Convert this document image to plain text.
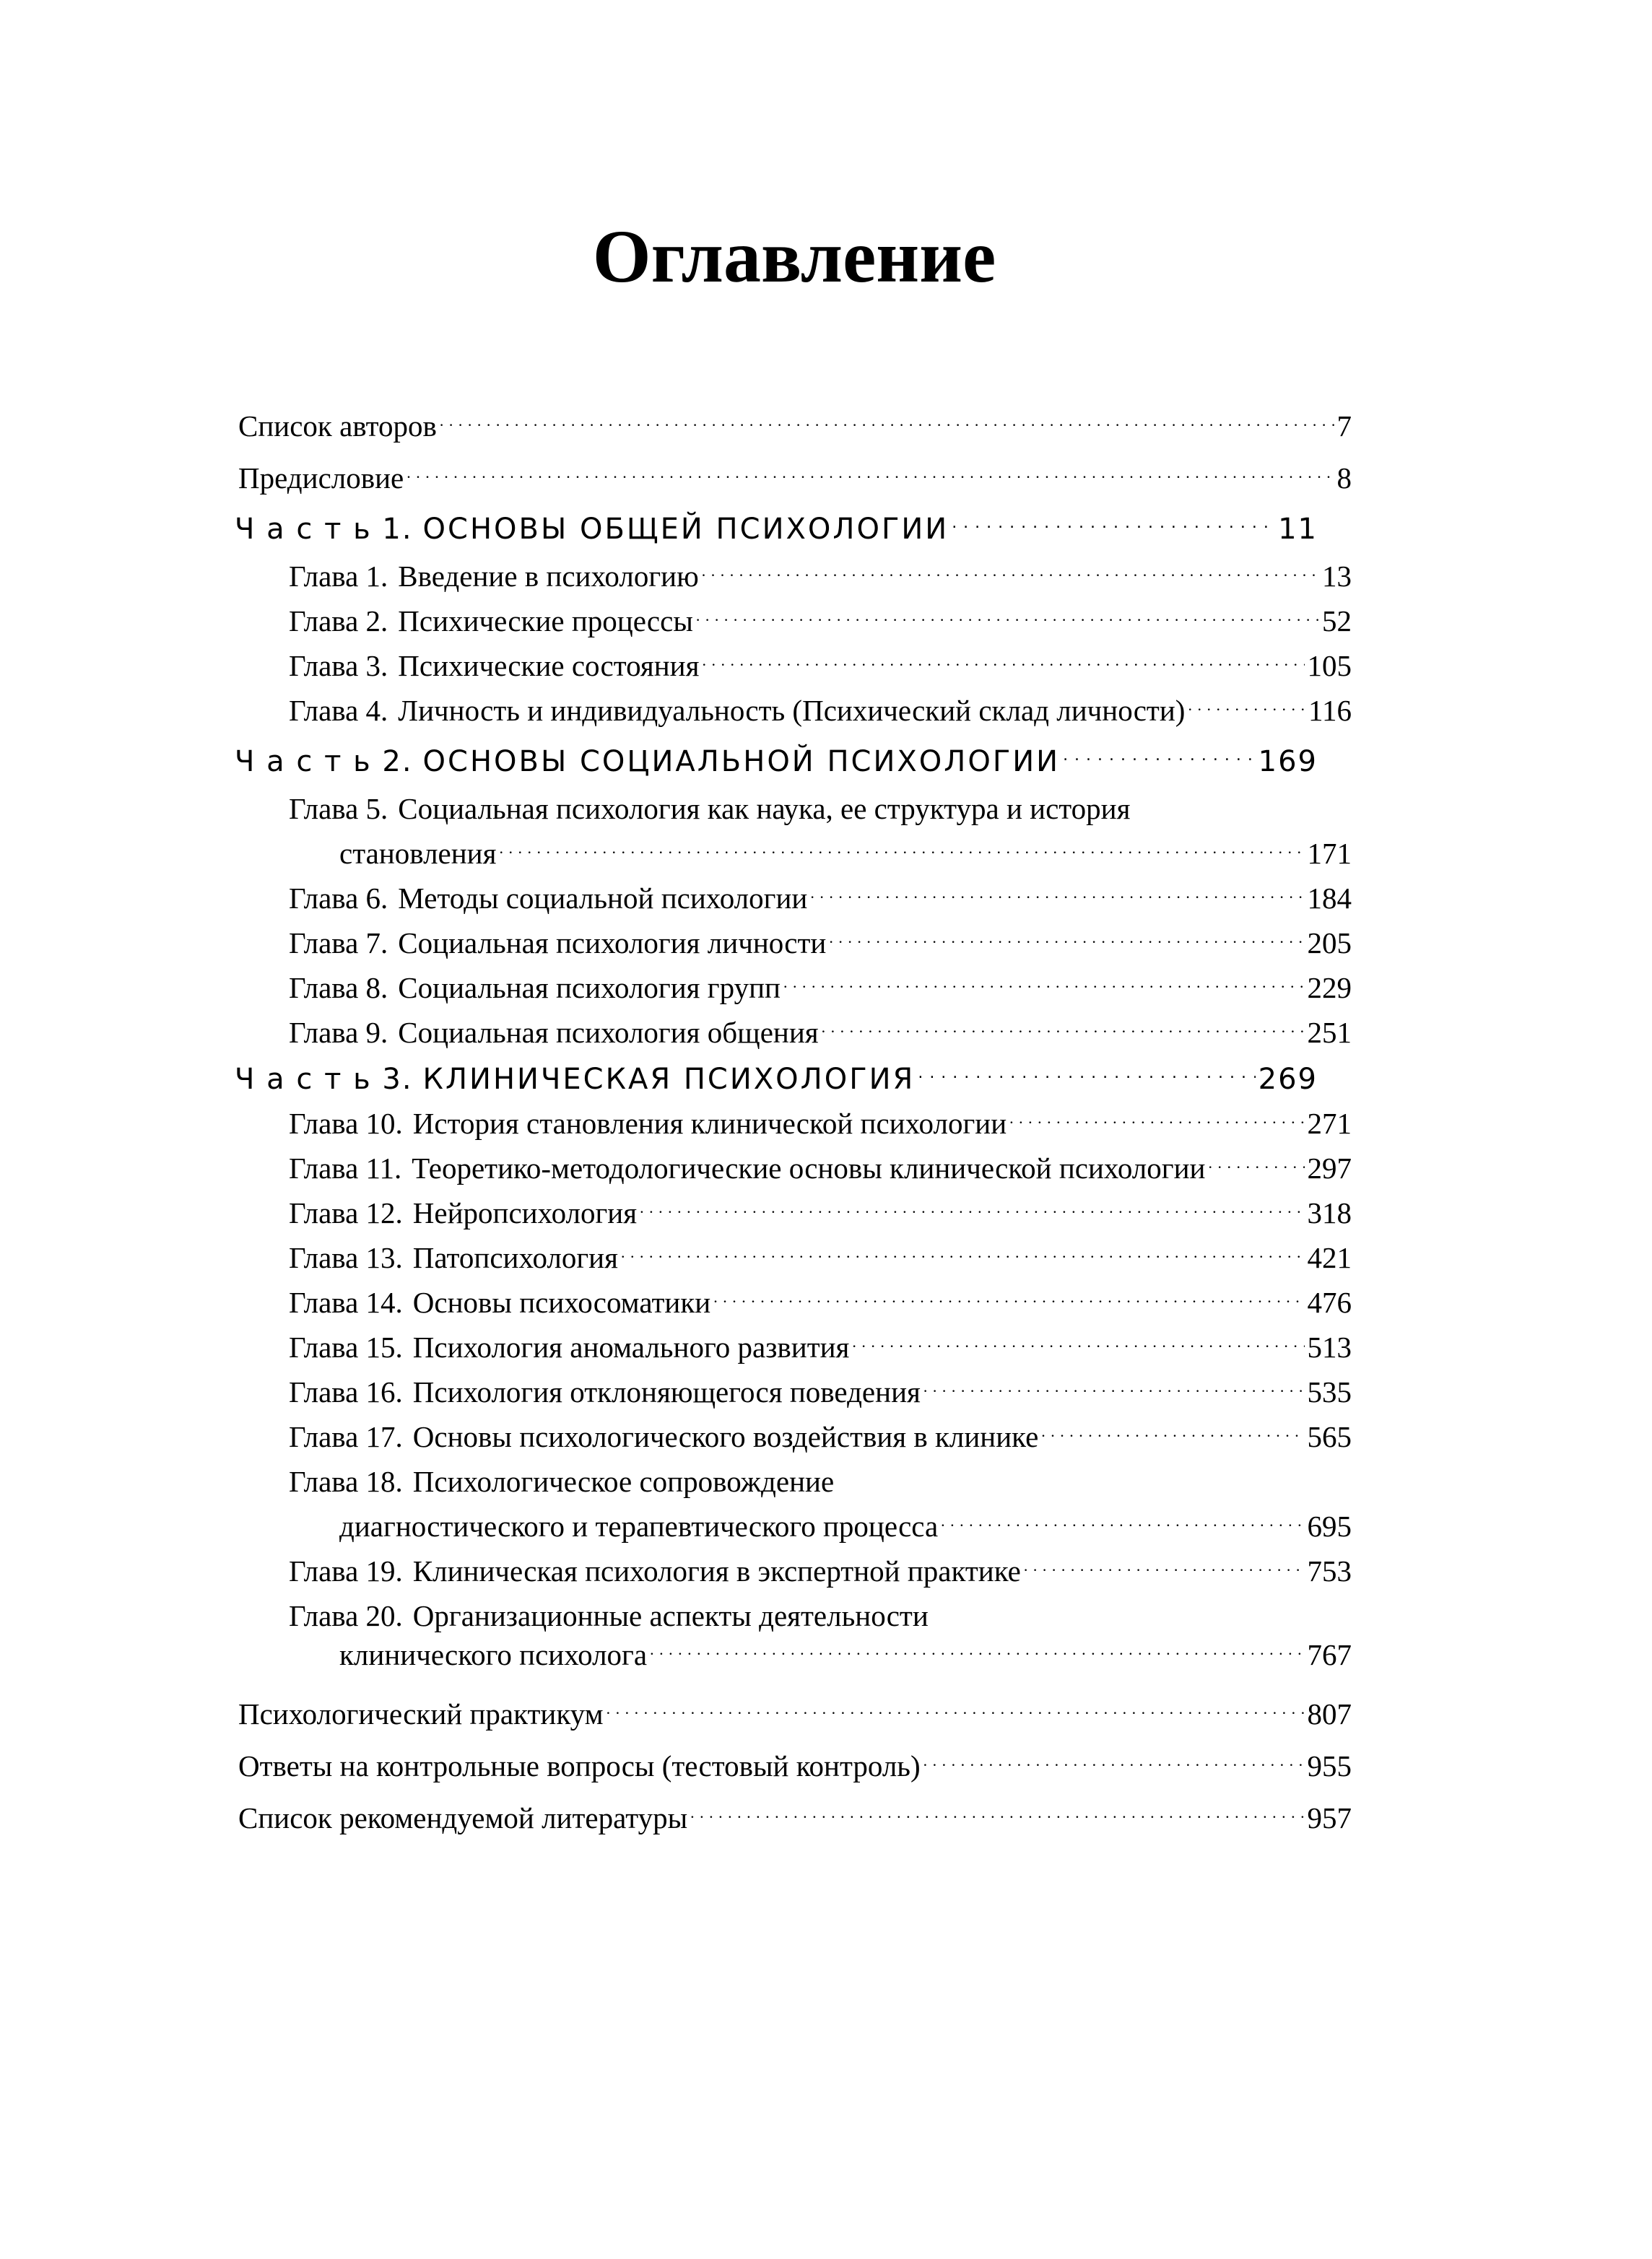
Оглавление
Список авторов . . .	7
Предисловие . . .	8
Ч а с т ь 1. ОСНОВЫ ОБЩЕЙ ПСИХОЛОГИИ . . .	11
Глава 1. Введение в психологию . . .	13
Глава 2. Психические процессы . . .	52
Глава 3. Психические состояния . . .	105
Глава 4. Личность и индивидуальность (Психический склад личности) . . .	116
Ч а с т ь 2. ОСНОВЫ СОЦИАЛЬНОЙ ПСИХОЛОГИИ . . .	169
Глава 5. Социальная психология как наука, ее структура и история
становления . . .	171
Глава 6. Методы социальной психологии . . .	184
Глава 7. Социальная психология личности . . .	205
Глава 8. Социальная психология групп . . .	229
Глава 9. Социальная психология общения . . .	251
Ч а с т ь 3. КЛИНИЧЕСКАЯ ПСИХОЛОГИЯ . . .	269
Глава 10. История становления клинической психологии . . .	271
Глава 11. Теоретико-методологические основы клинической психологии . . .	297
Глава 12. Нейропсихология . . .	318
Глава 13. Патопсихология . . .	421
Глава 14. Основы психосоматики . . .	476
Глава 15. Психология аномального развития . . .	513
Глава 16. Психология отклоняющегося поведения . . .	535
Глава 17. Основы психологического воздействия в клинике . . .	565
Глава 18. Психологическое сопровождение
диагностического и терапевтического процесса . . .	695
Глава 19. Клиническая психология в экспертной практике . . .	753
Глава 20. Организационные аспекты деятельности
клинического психолога . . .	767
Психологический практикум . . .	807
Ответы на контрольные вопросы (тестовый контроль) . . .	955
Список рекомендуемой литературы . . .	957
